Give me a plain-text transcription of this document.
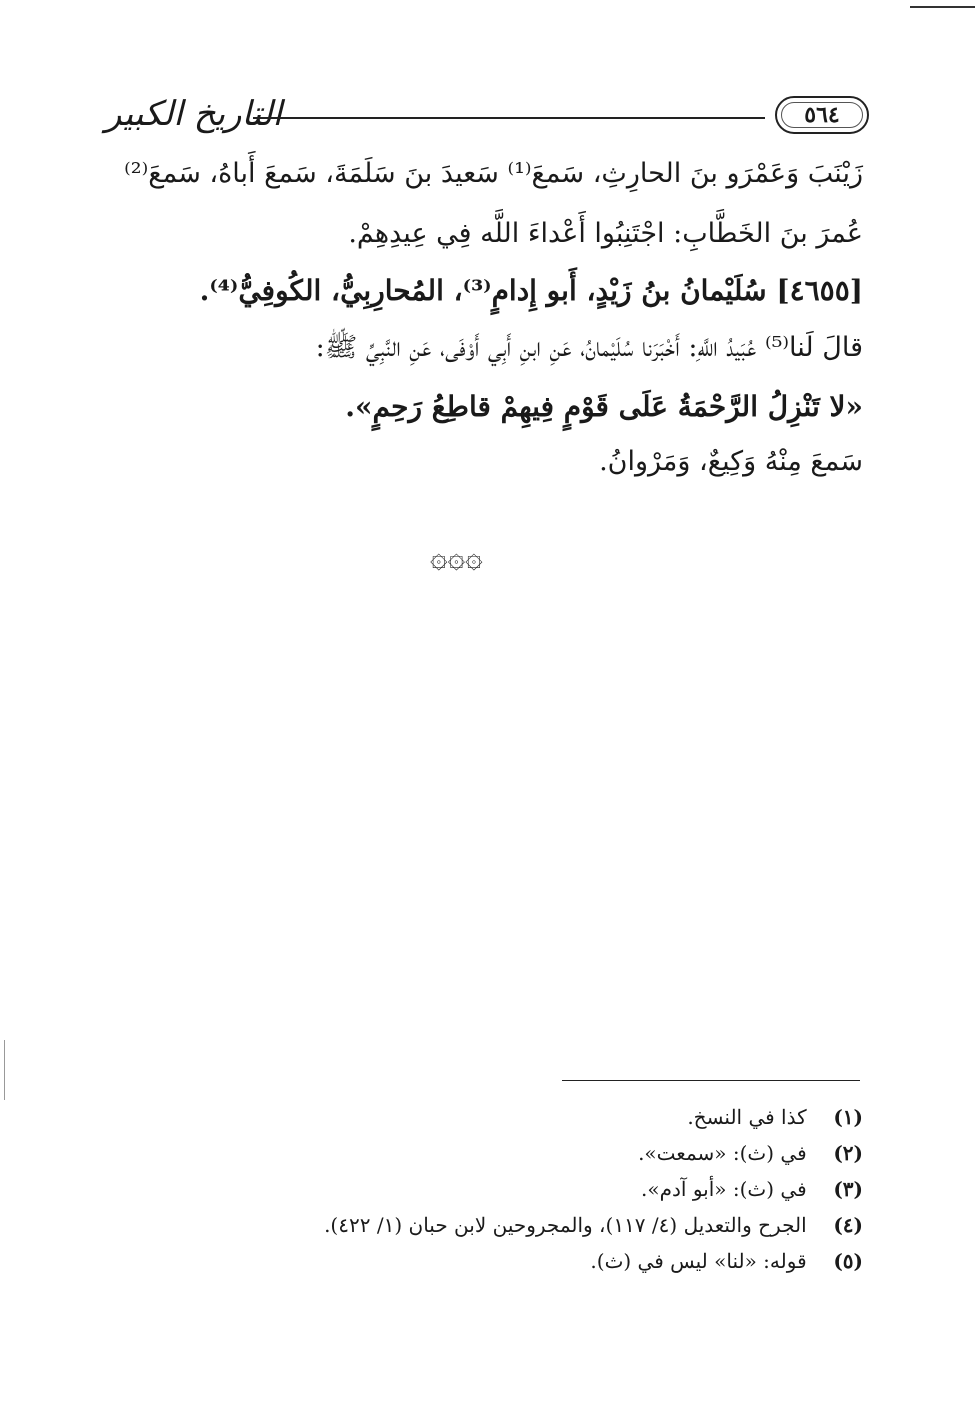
التاريخ الكبير	٥٦٤
زَيْنَبَ وَعَمْرَو بنَ الحارِثِ، سَمعَ⁽¹⁾ سَعيدَ بنَ سَلَمَةَ، سَمعَ أَباهُ، سَمعَ⁽²⁾
عُمرَ بنَ الخَطَّابِ: اجْتَنِبُوا أَعْداءَ اللَّه فِي عِيدِهِمْ.
[٤٦٥٥] سُلَيْمانُ بنُ زَيْدٍ، أَبو إِدامٍ⁽³⁾، المُحارِبِيُّ، الكُوفِيُّ⁽⁴⁾.
قالَ لَنا⁽⁵⁾ عُبَيدُ اللَّهِ: أَخْبَرَنا سُلَيْمانُ، عَنِ ابنِ أَبِي أَوْفَى، عَنِ النَّبِيِّ ﷺ:
«لا تَنْزِلُ الرَّحْمَةُ عَلَى قَوْمٍ فِيهِمْ قاطِعُ رَحِمٍ».
سَمعَ مِنْهُ وَكِيعٌ، وَمَرْوانُ.
۞۞۞
(١) كذا في النسخ.
(٢) في (ث): «سمعت».
(٣) في (ث): «أبو آدم».
(٤) الجرح والتعديل (٤/ ١١٧)، والمجروحين لابن حبان (١/ ٤٢٢).
(٥) قوله: «لنا» ليس في (ث).
